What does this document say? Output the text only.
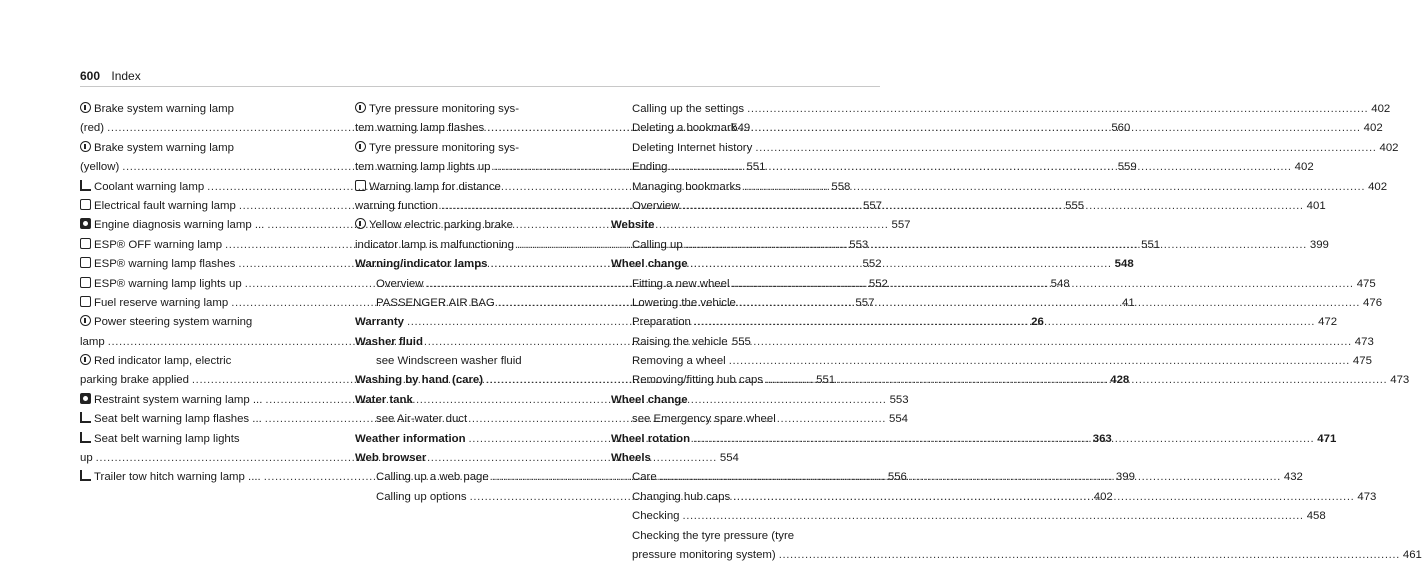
600 Index
Brake system warning lamp
(red) .....	549
Brake system warning lamp
(yellow) .....	551
Coolant warning lamp .....	558
Electrical fault warning lamp .....	557
Engine diagnosis warning lamp ... .....	557
ESP® OFF warning lamp .....	553
ESP® warning lamp flashes .....	552
ESP® warning lamp lights up .....	552
Fuel reserve warning lamp .....	557
Power steering system warning
lamp .....	555
Red indicator lamp, electric
parking brake applied .....	551
Restraint system warning lamp ... .....	553
Seat belt warning lamp flashes ... .....	554
Seat belt warning lamp lights
up .....	554
Trailer tow hitch warning lamp .... .....	556
Tyre pressure monitoring sys-
tem warning lamp flashes .....	560
Tyre pressure monitoring sys-
tem warning lamp lights up .....	559
Warning lamp for distance
warning function .....	555
Yellow electric parking brake
indicator lamp is malfunctioning .....	551
Warning/indicator lamps .....	548
Overview .....	548
PASSENGER AIR BAG .....	41
Warranty .....	26
Washer fluid
see Windscreen washer fluid
Washing by hand (care) .....	428
Water tank
see Air-water duct
Weather information .....	363
Web browser
Calling up a web page .....	399
Calling up options .....	402
Calling up the settings .....	402
Deleting a bookmark .....	402
Deleting Internet history .....	402
Ending .....	402
Managing bookmarks .....	402
Overview .....	401
Website
Calling up .....	399
Wheel change
Fitting a new wheel .....	475
Lowering the vehicle .....	476
Preparation .....	472
Raising the vehicle .....	473
Removing a wheel .....	475
Removing/fitting hub caps .....	473
Wheel change
see Emergency spare wheel
Wheel rotation .....	471
Wheels
Care .....	432
Changing hub caps .....	473
Checking .....	458
Checking the tyre pressure (tyre
pressure monitoring system) .....	461
